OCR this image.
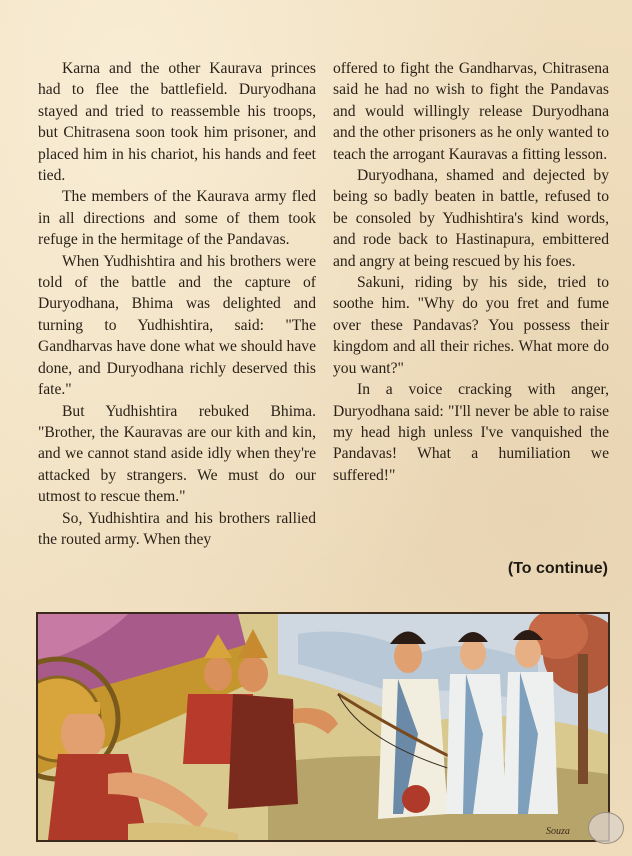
Karna and the other Kaurava princes had to flee the battlefield. Duryodhana stayed and tried to reassemble his troops, but Chitrasena soon took him prisoner, and placed him in his chariot, his hands and feet tied.

The members of the Kaurava army fled in all directions and some of them took refuge in the hermitage of the Pandavas.

When Yudhishtira and his brothers were told of the battle and the capture of Duryodhana, Bhima was delighted and turning to Yudhishtira, said: "The Gandharvas have done what we should have done, and Duryodhana richly deserved this fate."

But Yudhishtira rebuked Bhima. "Brother, the Kauravas are our kith and kin, and we cannot stand aside idly when they're attacked by strangers. We must do our utmost to rescue them."

So, Yudhishtira and his brothers rallied the routed army. When they

offered to fight the Gandharvas, Chitrasena said he had no wish to fight the Pandavas and would willingly release Duryodhana and the other prisoners as he only wanted to teach the arrogant Kauravas a fitting lesson.

Duryodhana, shamed and dejected by being so badly beaten in battle, refused to be consoled by Yudhishtira's kind words, and rode back to Hastinapura, embittered and angry at being rescued by his foes.

Sakuni, riding by his side, tried to soothe him. "Why do you fret and fume over these Pandavas? You possess their kingdom and all their riches. What more do you want?"

In a voice cracking with anger, Duryodhana said: "I'll never be able to raise my head high unless I've vanquished the Pandavas! What a humiliation we suffered!"

(To continue)
Souza
